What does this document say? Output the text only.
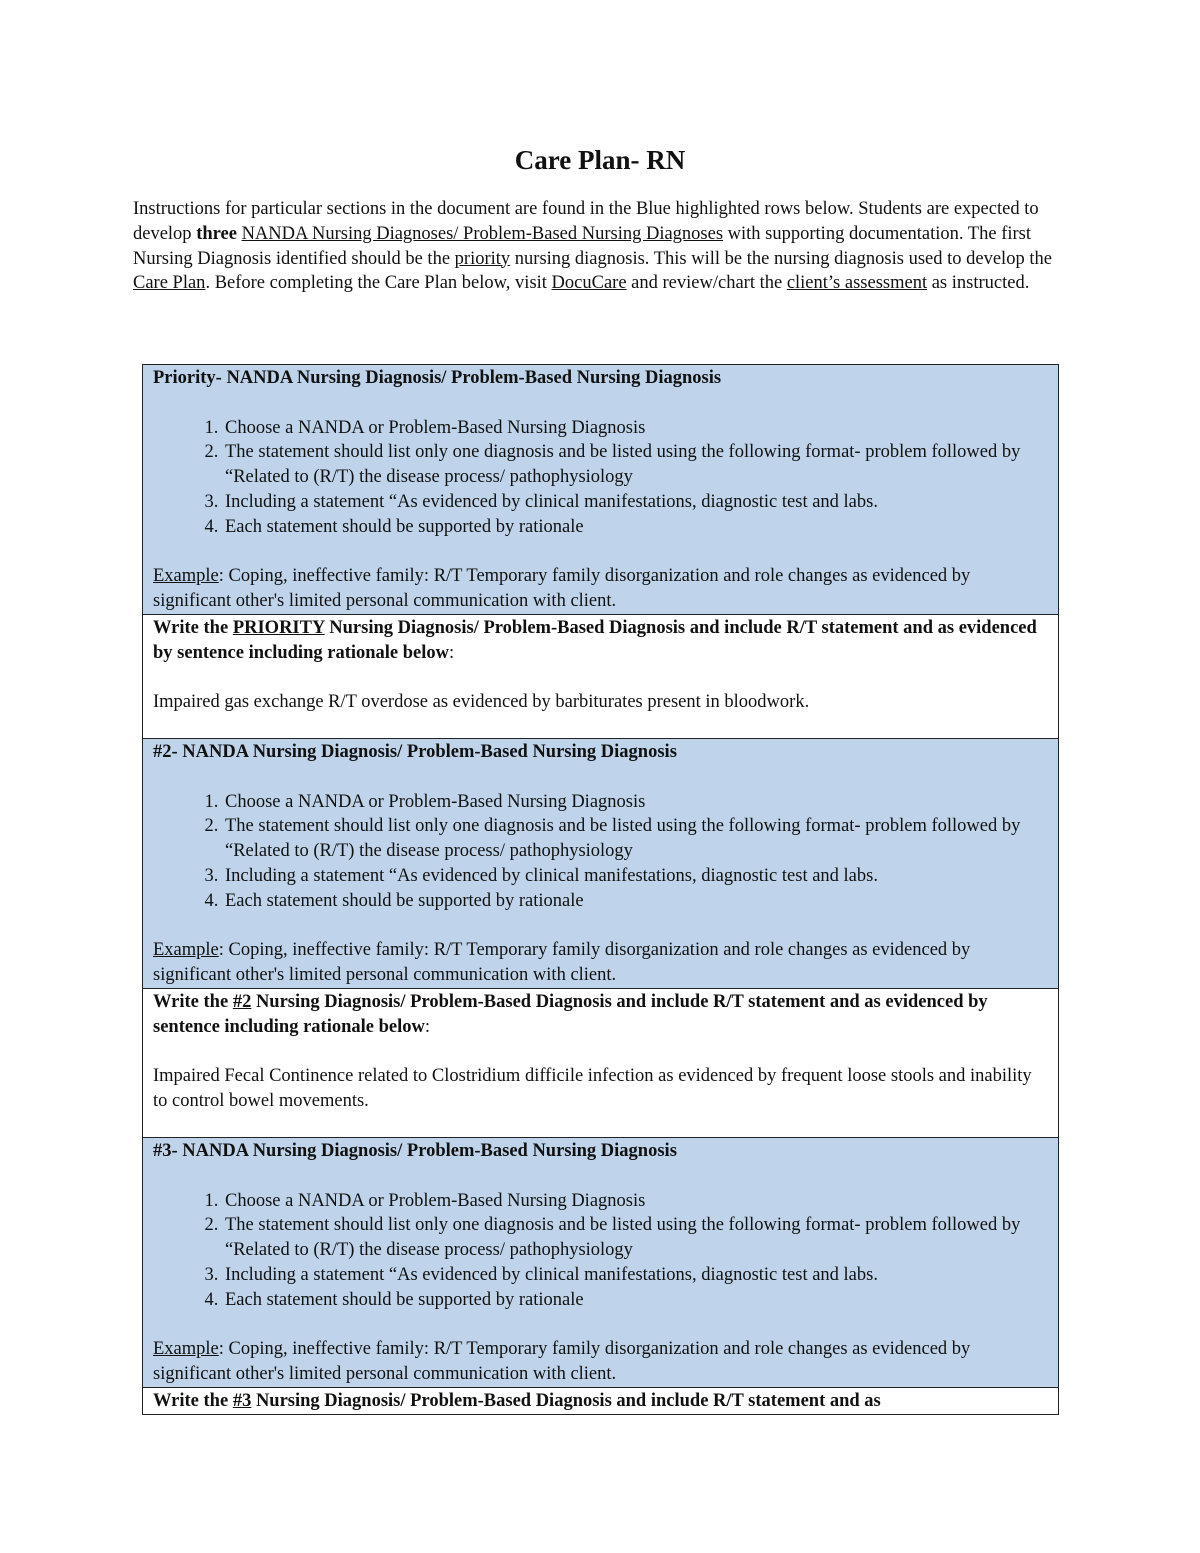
Care Plan- RN
Instructions for particular sections in the document are found in the Blue highlighted rows below. Students are expected to develop three NANDA Nursing Diagnoses/ Problem-Based Nursing Diagnoses with supporting documentation. The first Nursing Diagnosis identified should be the priority nursing diagnosis. This will be the nursing diagnosis used to develop the Care Plan. Before completing the Care Plan below, visit DocuCare and review/chart the client’s assessment as instructed.
Priority- NANDA Nursing Diagnosis/ Problem-Based Nursing Diagnosis
1. Choose a NANDA or Problem-Based Nursing Diagnosis
2. The statement should list only one diagnosis and be listed using the following format- problem followed by “Related to (R/T) the disease process/ pathophysiology
3. Including a statement “As evidenced by clinical manifestations, diagnostic test and labs.
4. Each statement should be supported by rationale
Example: Coping, ineffective family: R/T Temporary family disorganization and role changes as evidenced by significant other's limited personal communication with client.

Write the PRIORITY Nursing Diagnosis/ Problem-Based Diagnosis and include R/T statement and as evidenced by sentence including rationale below:
Impaired gas exchange R/T overdose as evidenced by barbiturates present in bloodwork.

#2- NANDA Nursing Diagnosis/ Problem-Based Nursing Diagnosis
1. Choose a NANDA or Problem-Based Nursing Diagnosis
2. The statement should list only one diagnosis and be listed using the following format- problem followed by “Related to (R/T) the disease process/ pathophysiology
3. Including a statement “As evidenced by clinical manifestations, diagnostic test and labs.
4. Each statement should be supported by rationale
Example: Coping, ineffective family: R/T Temporary family disorganization and role changes as evidenced by significant other's limited personal communication with client.

Write the #2 Nursing Diagnosis/ Problem-Based Diagnosis and include R/T statement and as evidenced by sentence including rationale below:
Impaired Fecal Continence related to Clostridium difficile infection as evidenced by frequent loose stools and inability to control bowel movements.

#3- NANDA Nursing Diagnosis/ Problem-Based Nursing Diagnosis
1. Choose a NANDA or Problem-Based Nursing Diagnosis
2. The statement should list only one diagnosis and be listed using the following format- problem followed by “Related to (R/T) the disease process/ pathophysiology
3. Including a statement “As evidenced by clinical manifestations, diagnostic test and labs.
4. Each statement should be supported by rationale
Example: Coping, ineffective family: R/T Temporary family disorganization and role changes as evidenced by significant other's limited personal communication with client.

Write the #3 Nursing Diagnosis/ Problem-Based Diagnosis and include R/T statement and as
